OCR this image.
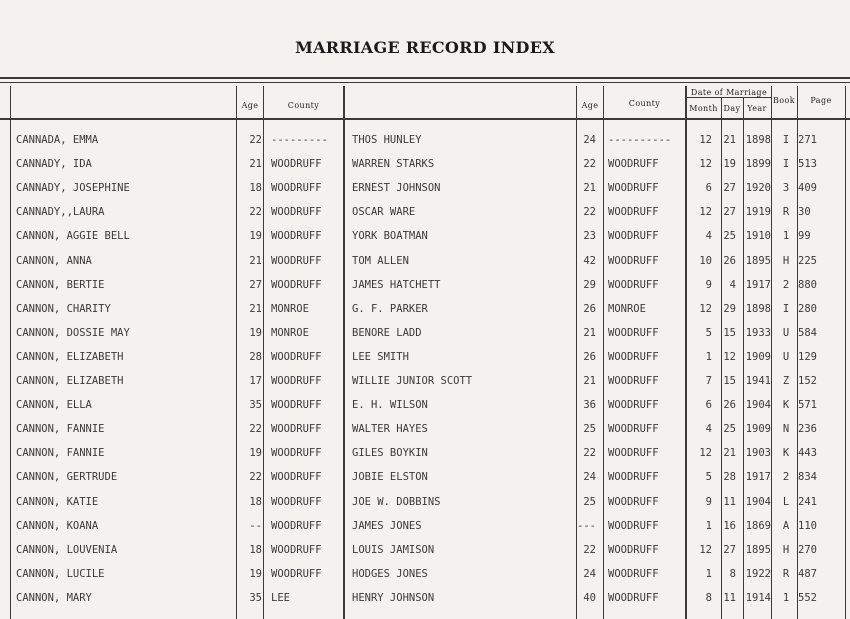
MARRIAGE RECORD INDEX
Age	County	Age	County
Date of Marriage
Month Day Year
Book	Page
CANNADA, EMMA	22 --------- THOS HUNLEY	24 ----------	12	21 1898	I 271
CANNADY, IDA	21 WOODRUFF	WARREN STARKS	22 WOODRUFF	12	19 1899	I 513
CANNADY, JOSEPHINE	18 WOODRUFF	ERNEST JOHNSON	21 WOODRUFF	6	27 1920	3 409
CANNADY,,LAURA	22 WOODRUFF	OSCAR WARE	22 WOODRUFF	12	27 1919	R 30
CANNON, AGGIE BELL	19 WOODRUFF	YORK BOATMAN	23 WOODRUFF	4	25 1910	1 99
CANNON, ANNA	21 WOODRUFF	TOM ALLEN	42 WOODRUFF	10	26 1895	H 225
CANNON, BERTIE	27 WOODRUFF	JAMES HATCHETT	29 WOODRUFF	9	4 1917	2 880
CANNON, CHARITY	21 MONROE	G. F. PARKER	26 MONROE	12	29 1898	I 280
CANNON, DOSSIE MAY	19 MONROE	BENORE LADD	21 WOODRUFF	5	15 1933	U 584
CANNON, ELIZABETH	28 WOODRUFF	LEE SMITH	26 WOODRUFF	1	12 1909	U 129
CANNON, ELIZABETH	17 WOODRUFF	WILLIE JUNIOR SCOTT	21 WOODRUFF	7	15 1941	Z 152
CANNON, ELLA	35 WOODRUFF	E. H. WILSON	36 WOODRUFF	6	26 1904	K 571
CANNON, FANNIE	22 WOODRUFF	WALTER HAYES	25 WOODRUFF	4	25 1909	N 236
CANNON, FANNIE	19 WOODRUFF	GILES BOYKIN	22 WOODRUFF	12	21 1903	K 443
CANNON, GERTRUDE	22 WOODRUFF	JOBIE ELSTON	24 WOODRUFF	5	28 1917	2 834
CANNON, KATIE	18 WOODRUFF	JOE W. DOBBINS	25 WOODRUFF	9	11 1904	L 241
CANNON, KOANA	-- WOODRUFF	JAMES JONES	--- WOODRUFF	1	16 1869	A 110
CANNON, LOUVENIA	18 WOODRUFF	LOUIS JAMISON	22 WOODRUFF	12	27 1895	H 270
CANNON, LUCILE	19 WOODRUFF	HODGES JONES	24 WOODRUFF	1	8 1922	R 487
CANNON, MARY	35 LEE	HENRY JOHNSON	40 WOODRUFF	8	11 1914	1 552
